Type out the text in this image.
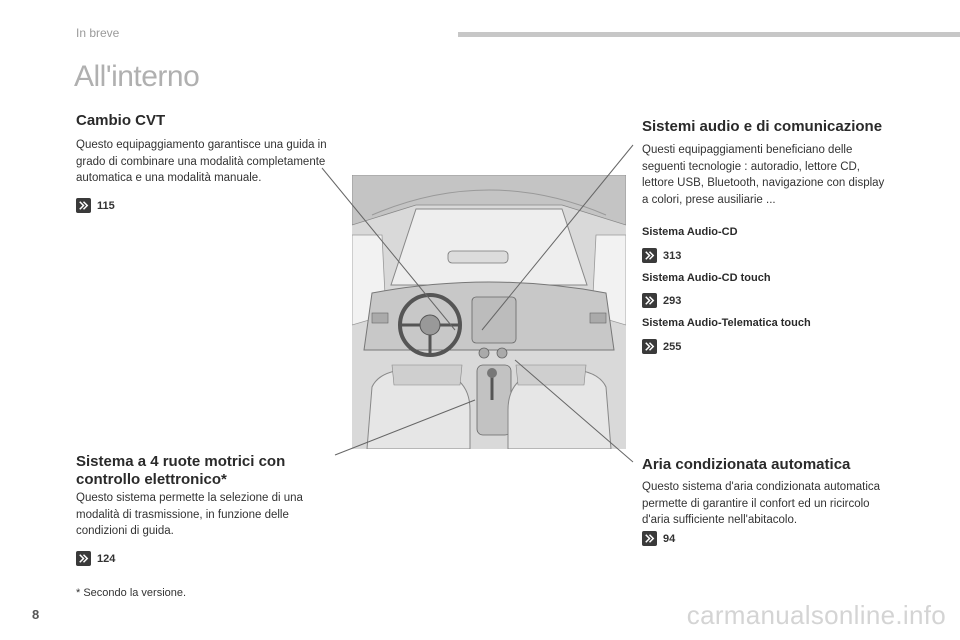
In breve
All'interno
Cambio CVT
Questo equipaggiamento garantisce una guida in
grado di combinare una modalità completamente
automatica e una modalità manuale.
115
Sistema a 4 ruote motrici con
controllo elettronico*
Questo sistema permette la selezione di una
modalità di trasmissione, in funzione delle
condizioni di guida.
124
* Secondo la versione.
Sistemi audio e di comunicazione
Questi equipaggiamenti beneficiano delle
seguenti tecnologie : autoradio, lettore CD,
lettore USB, Bluetooth, navigazione con display
a colori, prese ausiliarie ...
Sistema Audio-CD
313
Sistema Audio-CD touch
293
Sistema Audio-Telematica touch
255
Aria condizionata automatica
Questo sistema d'aria condizionata automatica
permette di garantire il confort ed un ricircolo
d'aria sufficiente nell'abitacolo.
94
8	carmanualsonline.info
